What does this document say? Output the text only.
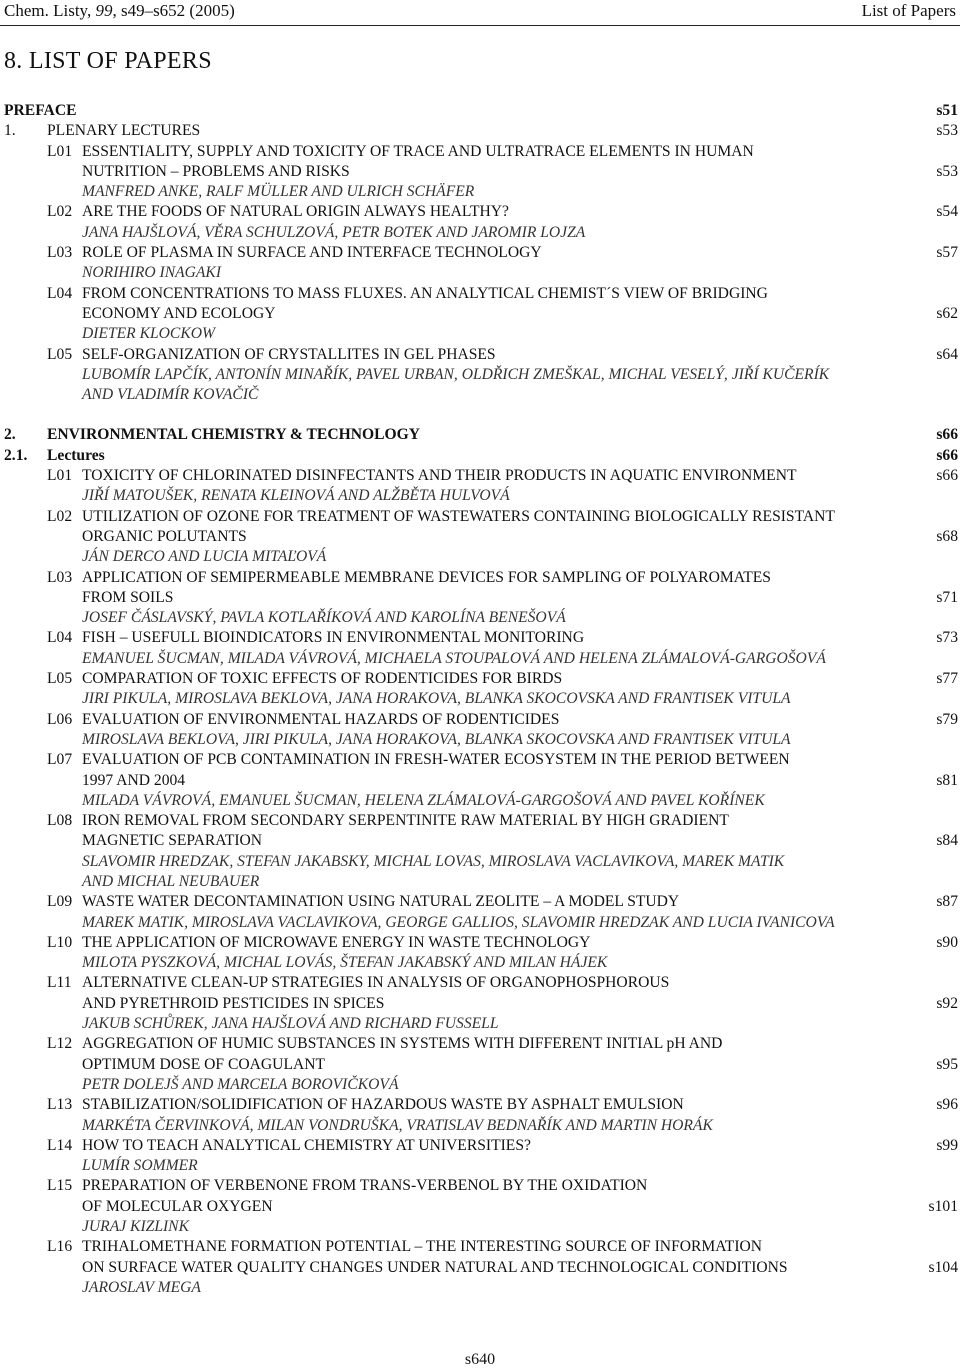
Chem. Listy, 99, s49–s652 (2005)	List of Papers
8. LIST OF PAPERS
PREFACE	s51
1. PLENARY LECTURES	s53
L01 ESSENTIALITY, SUPPLY AND TOXICITY OF TRACE AND ULTRATRACE ELEMENTS IN HUMAN
NUTRITION – PROBLEMS AND RISKS	s53
MANFRED ANKE, RALF MÜLLER AND ULRICH SCHÄFER
L02 ARE THE FOODS OF NATURAL ORIGIN ALWAYS HEALTHY?	s54
JANA HAJŠLOVÁ, VĚRA SCHULZOVÁ, PETR BOTEK AND JAROMIR LOJZA
L03 ROLE OF PLASMA IN SURFACE AND INTERFACE TECHNOLOGY	s57
NORIHIRO INAGAKI
L04 FROM CONCENTRATIONS TO MASS FLUXES. AN ANALYTICAL CHEMIST´S VIEW OF BRIDGING
ECONOMY AND ECOLOGY	s62
DIETER KLOCKOW
L05 SELF-ORGANIZATION OF CRYSTALLITES IN GEL PHASES	s64
LUBOMÍR LAPČÍK, ANTONÍN MINAŘÍK, PAVEL URBAN, OLDŘICH ZMEŠKAL, MICHAL VESELÝ, JIŘÍ KUČERÍK
AND VLADIMÍR KOVAČIČ
2. ENVIRONMENTAL CHEMISTRY & TECHNOLOGY	s66
2.1. Lectures	s66
L01 TOXICITY OF CHLORINATED DISINFECTANTS AND THEIR PRODUCTS IN AQUATIC ENVIRONMENT	s66
JIŘÍ MATOUŠEK, RENATA KLEINOVÁ AND ALŽBĚTA HULVOVÁ
L02 UTILIZATION OF OZONE FOR TREATMENT OF WASTEWATERS CONTAINING BIOLOGICALLY RESISTANT
ORGANIC POLUTANTS	s68
JÁN DERCO AND LUCIA MITAĽOVÁ
L03 APPLICATION OF SEMIPERMEABLE MEMBRANE DEVICES FOR SAMPLING OF POLYAROMATES
FROM SOILS	s71
JOSEF ČÁSLAVSKÝ, PAVLA KOTLAŘÍKOVÁ AND KAROLÍNA BENEŠOVÁ
L04 FISH – USEFULL BIOINDICATORS IN ENVIRONMENTAL MONITORING	s73
EMANUEL ŠUCMAN, MILADA VÁVROVÁ, MICHAELA STOUPALOVÁ AND HELENA ZLÁMALOVÁ-GARGOŠOVÁ
L05 COMPARATION OF TOXIC EFFECTS OF RODENTICIDES FOR BIRDS	s77
JIRI PIKULA, MIROSLAVA BEKLOVA, JANA HORAKOVA, BLANKA SKOCOVSKA AND FRANTISEK VITULA
L06 EVALUATION OF ENVIRONMENTAL HAZARDS OF RODENTICIDES	s79
MIROSLAVA BEKLOVA, JIRI PIKULA, JANA HORAKOVA, BLANKA SKOCOVSKA AND FRANTISEK VITULA
L07 EVALUATION OF PCB CONTAMINATION IN FRESH-WATER ECOSYSTEM IN THE PERIOD BETWEEN
1997 AND 2004	s81
MILADA VÁVROVÁ, EMANUEL ŠUCMAN, HELENA ZLÁMALOVÁ-GARGOŠOVÁ AND PAVEL KOŘÍNEK
L08 IRON REMOVAL FROM SECONDARY SERPENTINITE RAW MATERIAL BY HIGH GRADIENT
MAGNETIC SEPARATION	s84
SLAVOMIR HREDZAK, STEFAN JAKABSKY, MICHAL LOVAS, MIROSLAVA VACLAVIKOVA, MAREK MATIK
AND MICHAL NEUBAUER
L09 WASTE WATER DECONTAMINATION USING NATURAL ZEOLITE – A MODEL STUDY	s87
MAREK MATIK, MIROSLAVA VACLAVIKOVA, GEORGE GALLIOS, SLAVOMIR HREDZAK AND LUCIA IVANICOVA
L10 THE APPLICATION OF MICROWAVE ENERGY IN WASTE TECHNOLOGY	s90
MILOTA PYSZKOVÁ, MICHAL LOVÁS, ŠTEFAN JAKABSKÝ AND MILAN HÁJEK
L11 ALTERNATIVE CLEAN-UP STRATEGIES IN ANALYSIS OF ORGANOPHOSPHOROUS
AND PYRETHROID PESTICIDES IN SPICES	s92
JAKUB SCHŮREK, JANA HAJŠLOVÁ AND RICHARD FUSSELL
L12 AGGREGATION OF HUMIC SUBSTANCES IN SYSTEMS WITH DIFFERENT INITIAL pH AND
OPTIMUM DOSE OF COAGULANT	s95
PETR DOLEJŠ AND MARCELA BOROVIČKOVÁ
L13 STABILIZATION/SOLIDIFICATION OF HAZARDOUS WASTE BY ASPHALT EMULSION	s96
MARKÉTA ČERVINKOVÁ, MILAN VONDRUŠKA, VRATISLAV BEDNAŘÍK AND MARTIN HORÁK
L14 HOW TO TEACH ANALYTICAL CHEMISTRY AT UNIVERSITIES?	s99
LUMÍR SOMMER
L15 PREPARATION OF VERBENONE FROM TRANS-VERBENOL BY THE OXIDATION
OF MOLECULAR OXYGEN	s101
JURAJ KIZLINK
L16 TRIHALOMETHANE FORMATION POTENTIAL – THE INTERESTING SOURCE OF INFORMATION
ON SURFACE WATER QUALITY CHANGES UNDER NATURAL AND TECHNOLOGICAL CONDITIONS	s104
JAROSLAV MEGA
s640
